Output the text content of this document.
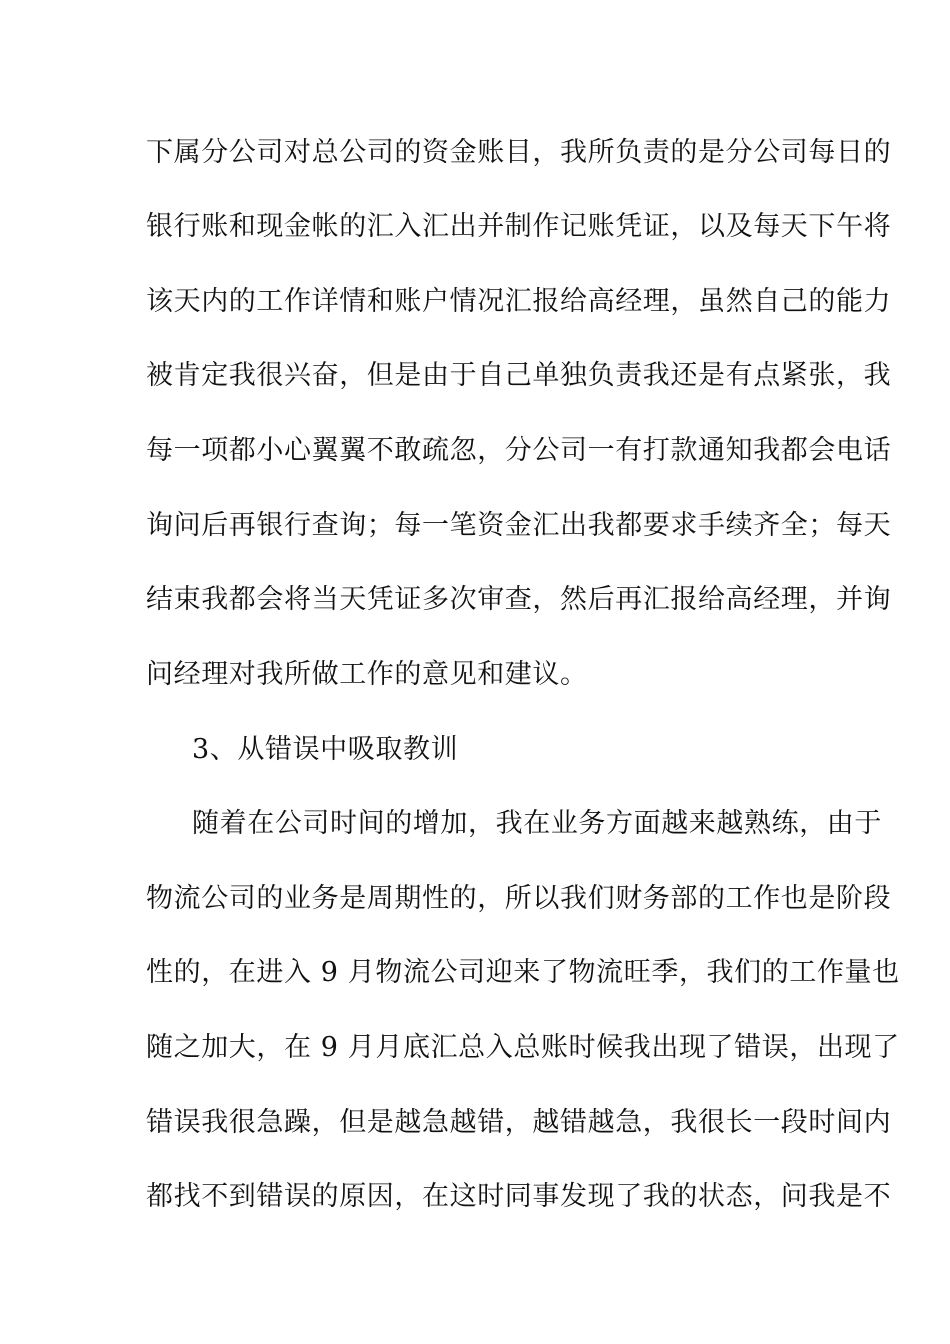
下属分公司对总公司的资金账目，我所负责的是分公司每日的
银行账和现金帐的汇入汇出并制作记账凭证，以及每天下午将
该天内的工作详情和账户情况汇报给高经理，虽然自己的能力
被肯定我很兴奋，但是由于自己单独负责我还是有点紧张，我
每一项都小心翼翼不敢疏忽，分公司一有打款通知我都会电话
询问后再银行查询；每一笔资金汇出我都要求手续齐全；每天
结束我都会将当天凭证多次审查，然后再汇报给高经理，并询
问经理对我所做工作的意见和建议。
3、从错误中吸取教训
随着在公司时间的增加，我在业务方面越来越熟练，由于
物流公司的业务是周期性的，所以我们财务部的工作也是阶段
性的，在进入 9 月物流公司迎来了物流旺季，我们的工作量也
随之加大，在 9 月月底汇总入总账时候我出现了错误，出现了
错误我很急躁，但是越急越错，越错越急，我很长一段时间内
都找不到错误的原因，在这时同事发现了我的状态，问我是不
